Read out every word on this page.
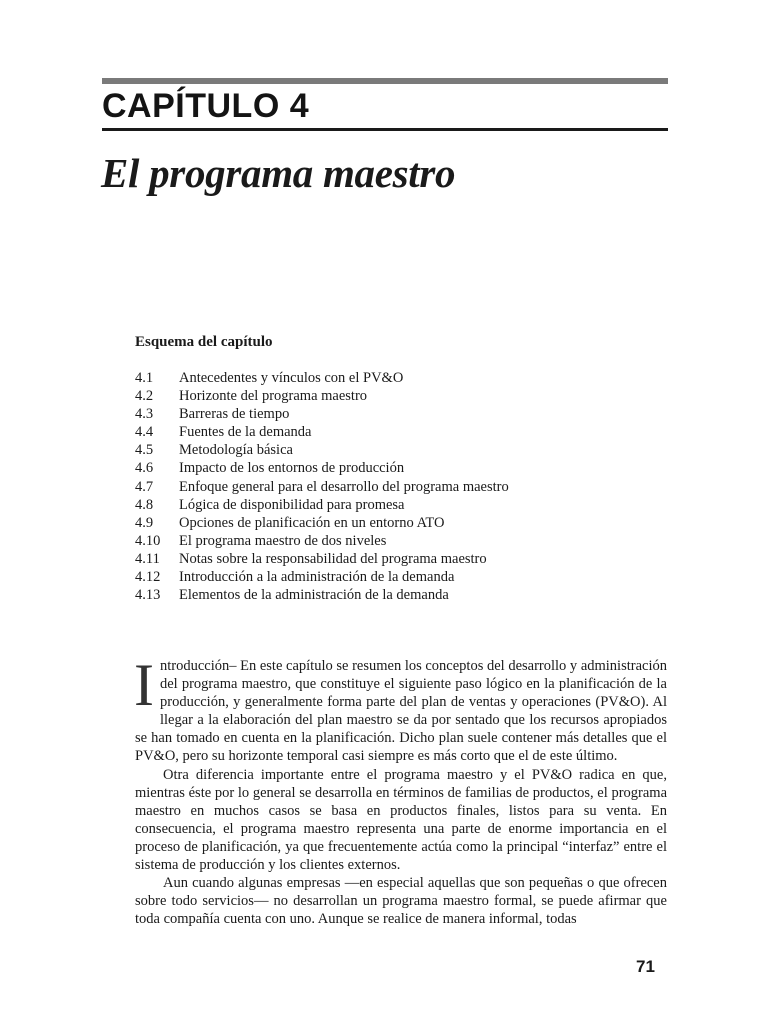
CAPÍTULO 4
El programa maestro
Esquema del capítulo
4.1	Antecedentes y vínculos con el PV&O
4.2	Horizonte del programa maestro
4.3	Barreras de tiempo
4.4	Fuentes de la demanda
4.5	Metodología básica
4.6	Impacto de los entornos de producción
4.7	Enfoque general para el desarrollo del programa maestro
4.8	Lógica de disponibilidad para promesa
4.9	Opciones de planificación en un entorno ATO
4.10	El programa maestro de dos niveles
4.11	Notas sobre la responsabilidad del programa maestro
4.12	Introducción a la administración de la demanda
4.13	Elementos de la administración de la demanda

Introducción– En este capítulo se resumen los conceptos del desarrollo y administración del programa maestro, que constituye el siguiente paso lógico en la planificación de la producción, y generalmente forma parte del plan de ventas y operaciones (PV&O). Al llegar a la elaboración del plan maestro se da por sentado que los recursos apropiados se han tomado en cuenta en la planificación. Dicho plan suele contener más detalles que el PV&O, pero su horizonte temporal casi siempre es más corto que el de este último.

Otra diferencia importante entre el programa maestro y el PV&O radica en que, mientras éste por lo general se desarrolla en términos de familias de productos, el programa maestro en muchos casos se basa en productos finales, listos para su venta. En consecuencia, el programa maestro representa una parte de enorme importancia en el proceso de planificación, ya que frecuentemente actúa como la principal “interfaz” entre el sistema de producción y los clientes externos.

Aun cuando algunas empresas —en especial aquellas que son pequeñas o que ofrecen sobre todo servicios— no desarrollan un programa maestro formal, se puede afirmar que toda compañía cuenta con uno. Aunque se realice de manera informal, todas

71
